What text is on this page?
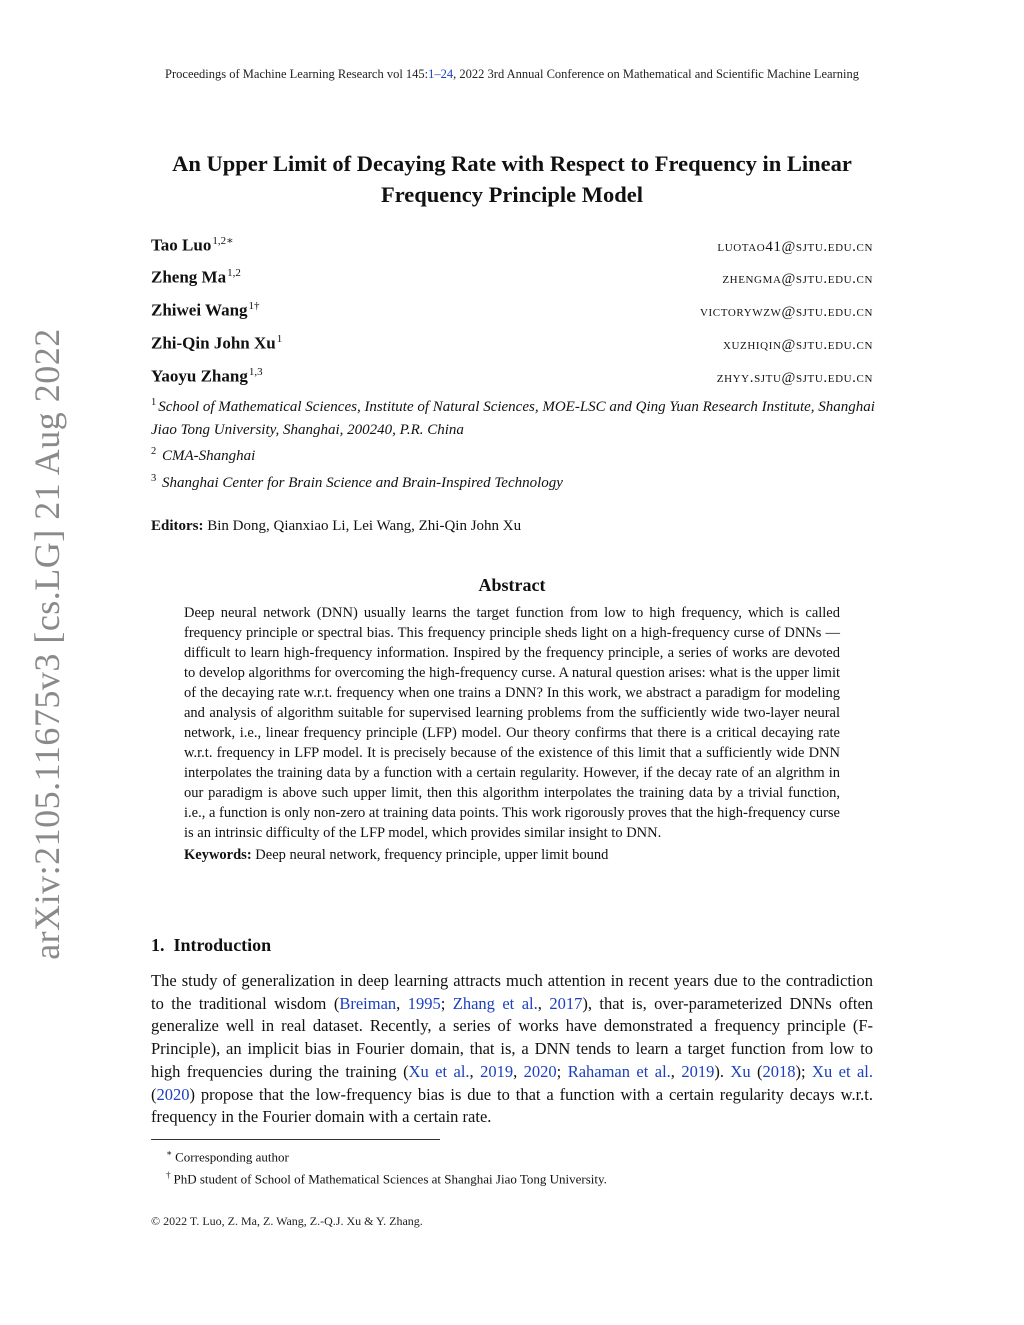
arXiv:2105.11675v3 [cs.LG] 21 Aug 2022
Proceedings of Machine Learning Research vol 145:1–24, 2022 3rd Annual Conference on Mathematical and Scientific Machine Learning
An Upper Limit of Decaying Rate with Respect to Frequency in Linear Frequency Principle Model
Tao Luo$^{1,2∗}$	luotao41@sjtu.edu.cn
Zheng Ma$^{1,2}$	zhengma@sjtu.edu.cn
Zhiwei Wang$^{1\dagger}$	victorywzw@sjtu.edu.cn
Zhi-Qin John Xu$^1$	xuzhiqin@sjtu.edu.cn
Yaoyu Zhang$^{1,3}$	zhyy.sjtu@sjtu.edu.cn
$^1$ School of Mathematical Sciences, Institute of Natural Sciences, MOE-LSC and Qing Yuan Research Institute, Shanghai Jiao Tong University, Shanghai, 200240, P.R. China
$^2$ CMA-Shanghai
$^3$ Shanghai Center for Brain Science and Brain-Inspired Technology
Editors: Bin Dong, Qianxiao Li, Lei Wang, Zhi-Qin John Xu
Abstract

Deep neural network (DNN) usually learns the target function from low to high frequency, which is called frequency principle or spectral bias. This frequency principle sheds light on a high-frequency curse of DNNs — difficult to learn high-frequency information. Inspired by the frequency principle, a series of works are devoted to develop algorithms for overcoming the high-frequency curse. A natural question arises: what is the upper limit of the decaying rate w.r.t. frequency when one trains a DNN? In this work, we abstract a paradigm for modeling and analysis of algorithm suitable for supervised learning problems from the sufficiently wide two-layer neural network, i.e., linear frequency principle (LFP) model. Our theory confirms that there is a critical decaying rate w.r.t. frequency in LFP model. It is precisely because of the existence of this limit that a sufficiently wide DNN interpolates the training data by a function with a certain regularity. However, if the decay rate of an algrithm in our paradigm is above such upper limit, then this algorithm interpolates the training data by a trivial function, i.e., a function is only non-zero at training data points. This work rigorously proves that the high-frequency curse is an intrinsic difficulty of the LFP model, which provides similar insight to DNN.

Keywords: Deep neural network, frequency principle, upper limit bound

1. Introduction

The study of generalization in deep learning attracts much attention in recent years due to the contradiction to the traditional wisdom (Breiman, 1995; Zhang et al., 2017), that is, over-parameterized DNNs often generalize well in real dataset. Recently, a series of works have demonstrated a frequency principle (F-Principle), an implicit bias in Fourier domain, that is, a DNN tends to learn a target function from low to high frequencies during the training (Xu et al., 2019, 2020; Rahaman et al., 2019). Xu (2018); Xu et al. (2020) propose that the low-frequency bias is due to that a function with a certain regularity decays w.r.t. frequency in the Fourier domain with a certain rate.

∗ Corresponding author
† PhD student of School of Mathematical Sciences at Shanghai Jiao Tong University.
© 2022 T. Luo, Z. Ma, Z. Wang, Z.-Q.J. Xu & Y. Zhang.
